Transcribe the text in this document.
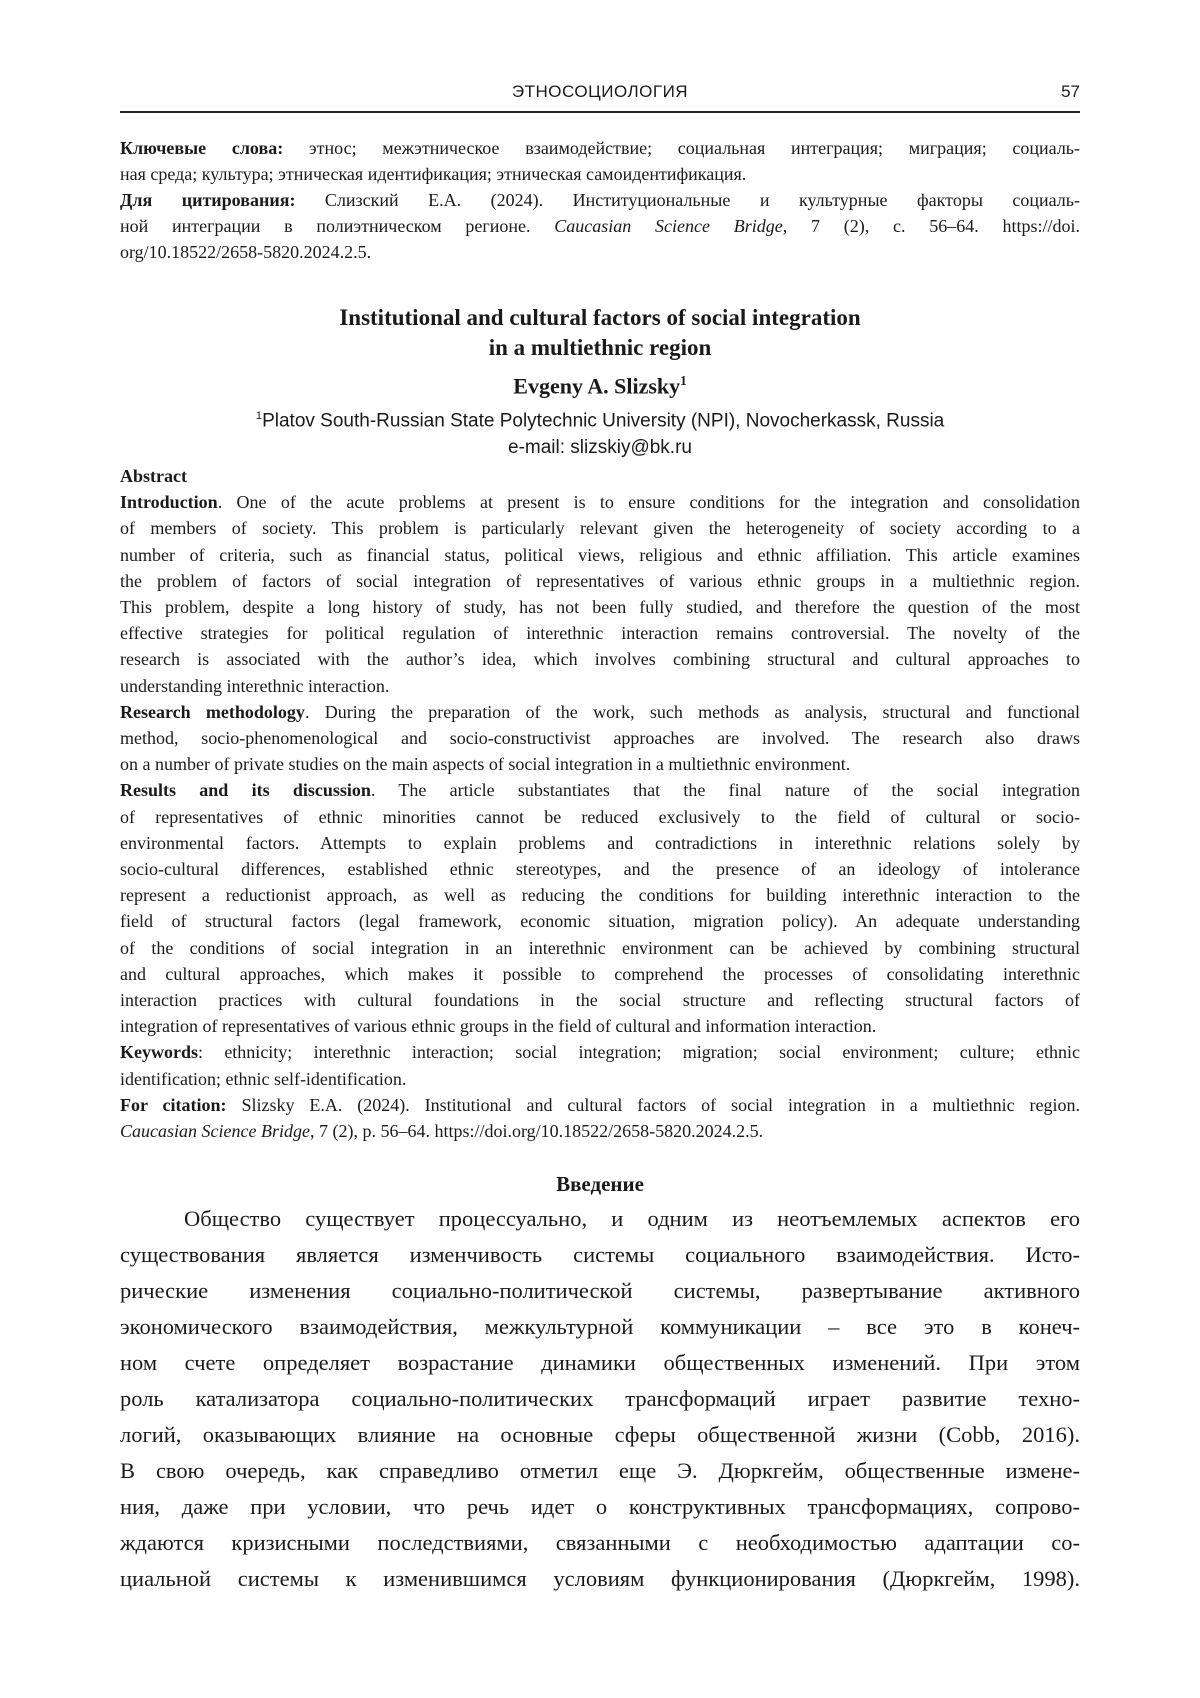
ЭТНОСОЦИОЛОГИЯ	57
Ключевые слова: этнос; межэтническое взаимодействие; социальная интеграция; миграция; социаль-
ная среда; культура; этническая идентификация; этническая самоидентификация.
Для цитирования: Слизский Е.А. (2024). Институциональные и культурные факторы социаль-
ной интеграции в полиэтническом регионе. Caucasian Science Bridge, 7 (2), с. 56–64. https://doi.
org/10.18522/2658-5820.2024.2.5.
Institutional and cultural factors of social integration
in a multiethnic region
Evgeny A. Slizsky1
1Platov South-Russian State Polytechnic University (NPI), Novocherkassk, Russia
e-mail: slizskiy@bk.ru
Abstract
Introduction. One of the acute problems at present is to ensure conditions for the integration and consolidation
of members of society. This problem is particularly relevant given the heterogeneity of society according to a
number of criteria, such as financial status, political views, religious and ethnic affiliation. This article examines
the problem of factors of social integration of representatives of various ethnic groups in a multiethnic region.
This problem, despite a long history of study, has not been fully studied, and therefore the question of the most
effective strategies for political regulation of interethnic interaction remains controversial. The novelty of the
research is associated with the author’s idea, which involves combining structural and cultural approaches to
understanding interethnic interaction.
Research methodology. During the preparation of the work, such methods as analysis, structural and functional
method, socio-phenomenological and socio-constructivist approaches are involved. The research also draws
on a number of private studies on the main aspects of social integration in a multiethnic environment.
Results and its discussion. The article substantiates that the final nature of the social integration
of representatives of ethnic minorities cannot be reduced exclusively to the field of cultural or socio-
environmental factors. Attempts to explain problems and contradictions in interethnic relations solely by
socio-cultural differences, established ethnic stereotypes, and the presence of an ideology of intolerance
represent a reductionist approach, as well as reducing the conditions for building interethnic interaction to the
field of structural factors (legal framework, economic situation, migration policy). An adequate understanding
of the conditions of social integration in an interethnic environment can be achieved by combining structural
and cultural approaches, which makes it possible to comprehend the processes of consolidating interethnic
interaction practices with cultural foundations in the social structure and reflecting structural factors of
integration of representatives of various ethnic groups in the field of cultural and information interaction.
Keywords: ethnicity; interethnic interaction; social integration; migration; social environment; culture; ethnic
identification; ethnic self-identification.
For citation: Slizsky E.A. (2024). Institutional and cultural factors of social integration in a multiethnic region.
Caucasian Science Bridge, 7 (2), p. 56–64. https://doi.org/10.18522/2658-5820.2024.2.5.
Введение
Общество существует процессуально, и одним из неотъемлемых аспектов его
существования является изменчивость системы социального взаимодействия. Исто-
рические изменения социально-политической системы, развертывание активного
экономического взаимодействия, межкультурной коммуникации – все это в конеч-
ном счете определяет возрастание динамики общественных изменений. При этом
роль катализатора социально-политических трансформаций играет развитие техно-
логий, оказывающих влияние на основные сферы общественной жизни (Cobb, 2016).
В свою очередь, как справедливо отметил еще Э. Дюркгейм, общественные измене-
ния, даже при условии, что речь идет о конструктивных трансформациях, сопрово-
ждаются кризисными последствиями, связанными с необходимостью адаптации со-
циальной системы к изменившимся условиям функционирования (Дюркгейм, 1998).
